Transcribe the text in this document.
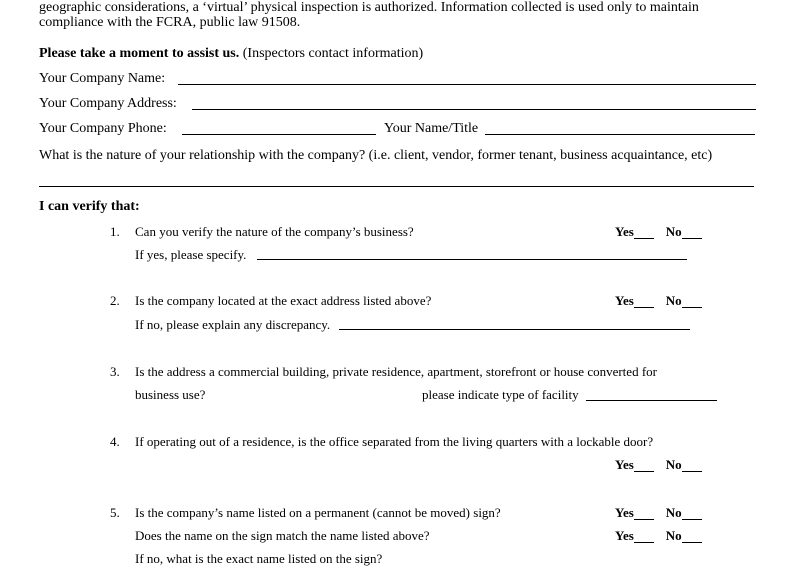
geographic considerations, a ‘virtual’ physical inspection is authorized. Information collected is used only to maintain
compliance with the FCRA, public law 91508.
Please take a moment to assist us. (Inspectors contact information)
Your Company Name:
Your Company Address:
Your Company Phone:	Your Name/Title
What is the nature of your relationship with the company? (i.e. client, vendor, former tenant, business acquaintance, etc)
I can verify that:
1. Can you verify the nature of the company’s business?	Yes No
If yes, please specify.
2. Is the company located at the exact address listed above?	Yes No
If no, please explain any discrepancy.
3. Is the address a commercial building, private residence, apartment, storefront or house converted for
business use?	please indicate type of facility
4. If operating out of a residence, is the office separated from the living quarters with a lockable door?
Yes No
5. Is the company’s name listed on a permanent (cannot be moved) sign?	Yes No
Does the name on the sign match the name listed above?	Yes No
If no, what is the exact name listed on the sign?
